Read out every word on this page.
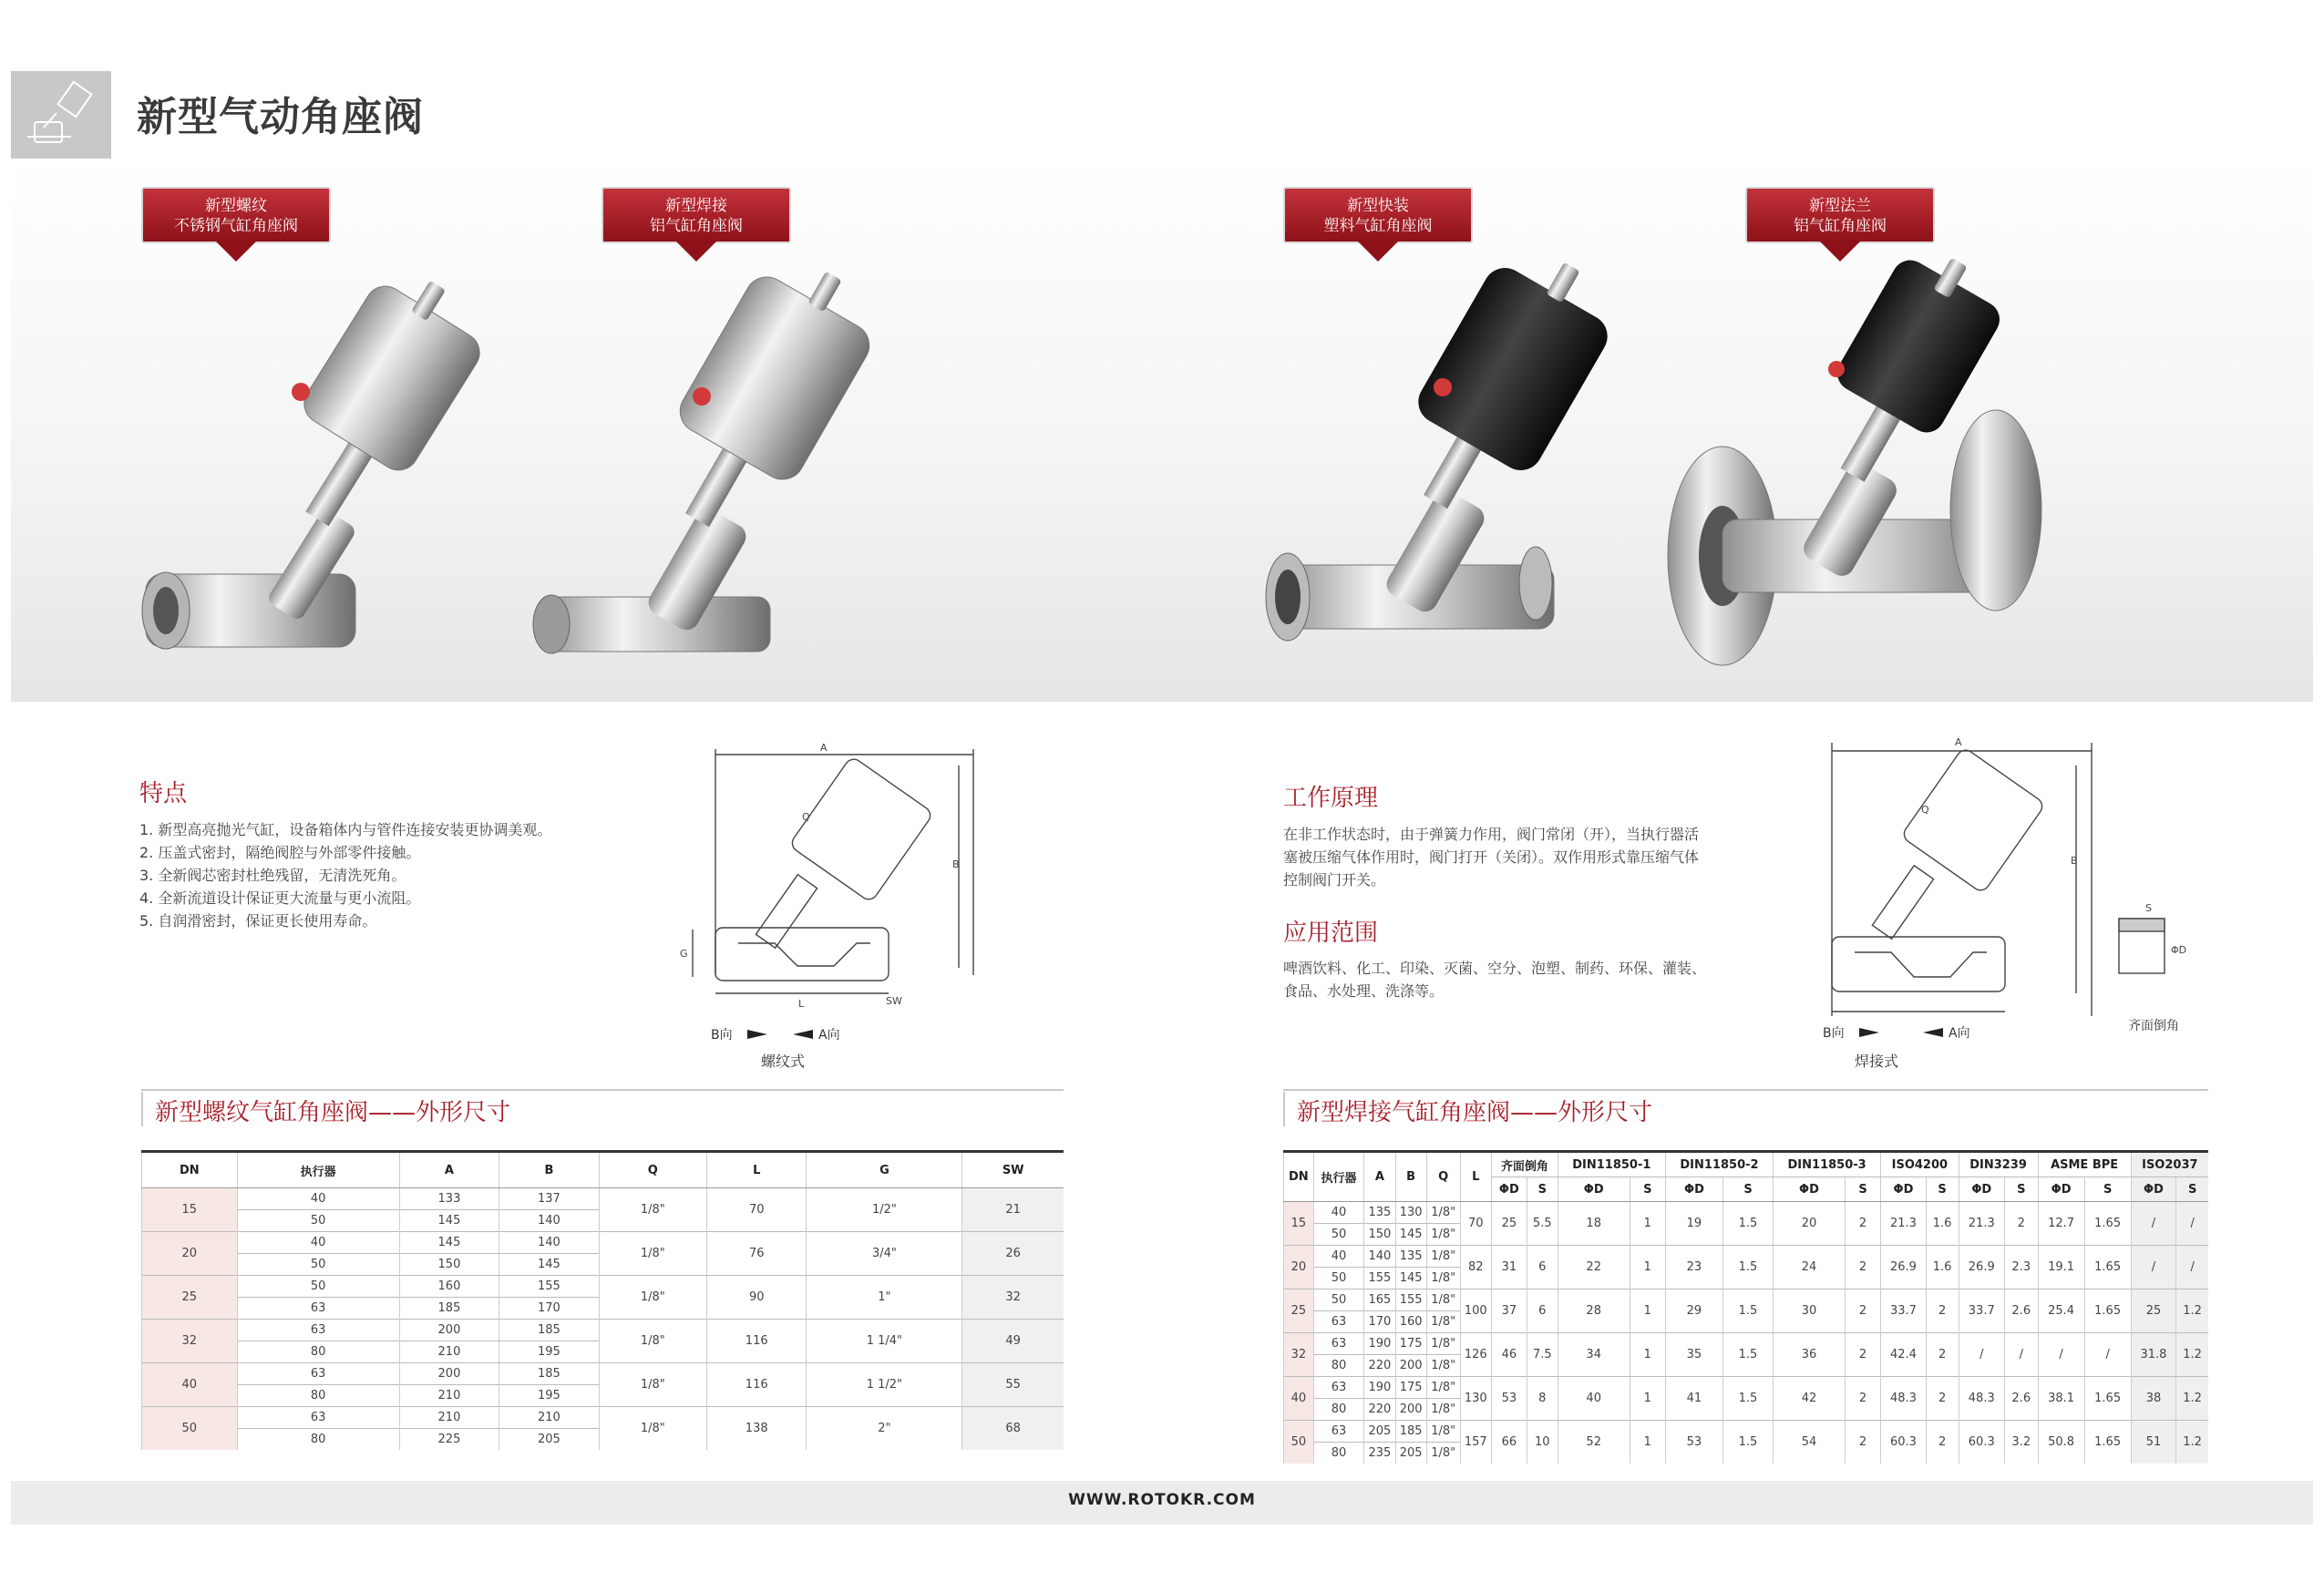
新型气动角座阀
新型螺纹
不锈钢气缸角座阀
新型焊接
铝气缸角座阀
新型快装
塑料气缸角座阀
新型法兰
铝气缸角座阀
特点
1. 新型高亮抛光气缸，设备箱体内与管件连接安装更协调美观。
2. 压盖式密封，隔绝阀腔与外部零件接触。
3. 全新阀芯密封杜绝残留，无清洗死角。
4. 全新流道设计保证更大流量与更小流阻。
5. 自润滑密封，保证更长使用寿命。
A
B
Q
G
L	SW
B向	A向
螺纹式
工作原理
在非工作状态时，由于弹簧力作用，阀门常闭（开），当执行器活
塞被压缩气体作用时，阀门打开（关闭）。双作用形式靠压缩气体
控制阀门开关。
应用范围
啤酒饮料、化工、印染、灭菌、空分、泡塑、制药、环保、灌装、
食品、水处理、洗涤等。
A
B
Q
S
ΦD
B向	A向
焊接式
齐面倒角
新型螺纹气缸角座阀——外形尺寸
DN	执行器	A	B	Q	L	G	SW
15	40	133	137	1/8"	70	1/2"	21
	50	145	140				
20	40	145	140	1/8"	76	3/4"	26
	50	150	145				
25	50	160	155	1/8"	90	1"	32
	63	185	170				
32	63	200	185	1/8"	116	1 1/4"	49
	80	210	195				
40	63	200	185	1/8"	116	1 1/2"	55
	80	210	195				
50	63	210	210	1/8"	138	2"	68
	80	225	205				
新型焊接气缸角座阀——外形尺寸
DN	执行器	A	B	Q	L	齐面倒角		DIN11850-1		DIN11850-2		DIN11850-3		ISO4200		DIN3239		ASME BPE		ISO2037	
						ΦD	S	ΦD	S	ΦD	S	ΦD	S	ΦD	S	ΦD	S	ΦD	S	ΦD	S
15	40	135	130	1/8"	70	25	5.5	18	1	19	1.5	20	2	21.3	1.6	21.3	2	12.7	1.65	/	/
	50	150	145	1/8"																	
20	40	140	135	1/8"	82	31	6	22	1	23	1.5	24	2	26.9	1.6	26.9	2.3	19.1	1.65	/	/
	50	155	145	1/8"																	
25	50	165	155	1/8"	100	37	6	28	1	29	1.5	30	2	33.7	2	33.7	2.6	25.4	1.65	25	1.2
	63	170	160	1/8"																	
32	63	190	175	1/8"	126	46	7.5	34	1	35	1.5	36	2	42.4	2	/	/	/	/	31.8	1.2
	80	220	200	1/8"																	
40	63	190	175	1/8"	130	53	8	40	1	41	1.5	42	2	48.3	2	48.3	2.6	38.1	1.65	38	1.2
	80	220	200	1/8"																	
50	63	205	185	1/8"	157	66	10	52	1	53	1.5	54	2	60.3	2	60.3	3.2	50.8	1.65	51	1.2
	80	235	205	1/8"																	
WWW.ROTOKR.COM
